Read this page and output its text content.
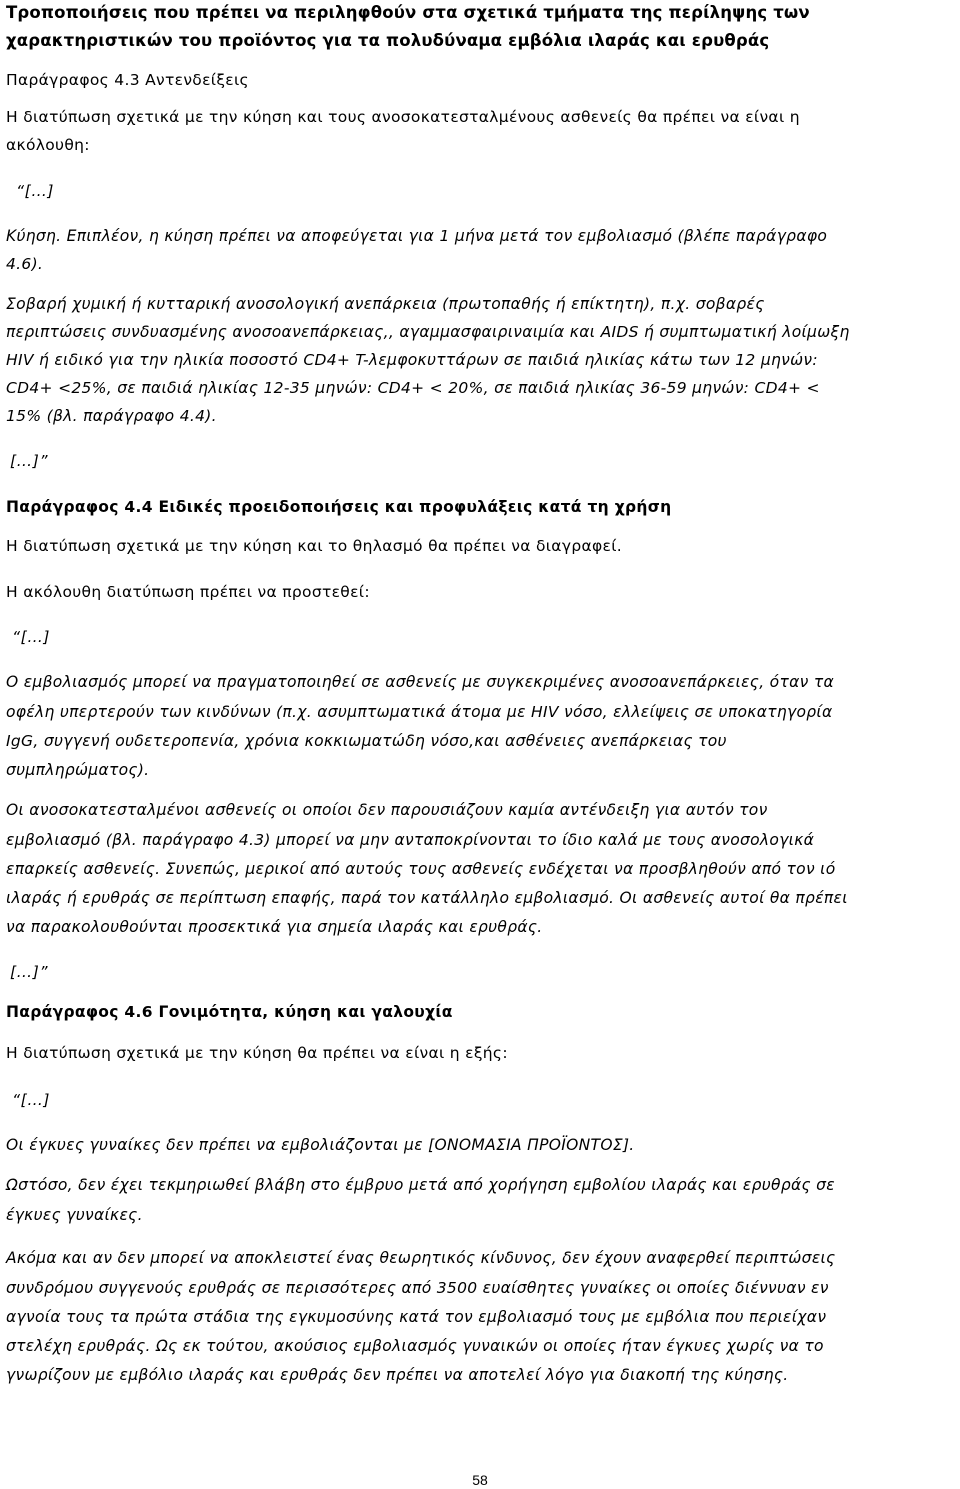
Τροποποιήσεις που πρέπει να περιληφθούν στα σχετικά τμήματα της περίληψης των
χαρακτηριστικών του προϊόντος για τα πολυδύναμα εμβόλια ιλαράς και ερυθράς
Παράγραφος 4.3 Αντενδείξεις
Η διατύπωση σχετικά με την κύηση και τους ανοσοκατεσταλμένους ασθενείς θα πρέπει να είναι η
ακόλουθη:
“[…]
Κύηση. Επιπλέον, η κύηση πρέπει να αποφεύγεται για 1 μήνα μετά τον εμβολιασμό (βλέπε παράγραφο
4.6).
Σοβαρή χυμική ή κυτταρική ανοσολογική ανεπάρκεια (πρωτοπαθής ή επίκτητη), π.χ. σοβαρές
περιπτώσεις συνδυασμένης ανοσοανεπάρκειας,, αγαμμασφαιριναιμία και AIDS ή συμπτωματική λοίμωξη
HIV ή ειδικό για την ηλικία ποσοστό CD4+ T-λεμφοκυττάρων σε παιδιά ηλικίας κάτω των 12 μηνών:
CD4+ <25%, σε παιδιά ηλικίας 12-35 μηνών: CD4+ < 20%, σε παιδιά ηλικίας 36-59 μηνών: CD4+ <
15% (βλ. παράγραφο 4.4).
[…]”
Παράγραφος 4.4 Ειδικές προειδοποιήσεις και προφυλάξεις κατά τη χρήση
Η διατύπωση σχετικά με την κύηση και το θηλασμό θα πρέπει να διαγραφεί.
Η ακόλουθη διατύπωση πρέπει να προστεθεί:
“[…]
Ο εμβολιασμός μπορεί να πραγματοποιηθεί σε ασθενείς με συγκεκριμένες ανοσοανεπάρκειες, όταν τα
οφέλη υπερτερούν των κινδύνων (π.χ. ασυμπτωματικά άτομα με HIV νόσο, ελλείψεις σε υποκατηγορία
IgG, συγγενή ουδετεροπενία, χρόνια κοκκιωματώδη νόσο,και ασθένειες ανεπάρκειας του
συμπληρώματος).
Οι ανοσοκατεσταλμένοι ασθενείς οι οποίοι δεν παρουσιάζουν καμία αντένδειξη για αυτόν τον
εμβολιασμό (βλ. παράγραφο 4.3) μπορεί να μην ανταποκρίνονται το ίδιο καλά με τους ανοσολογικά
επαρκείς ασθενείς. Συνεπώς, μερικοί από αυτούς τους ασθενείς ενδέχεται να προσβληθούν από τον ιό
ιλαράς ή ερυθράς σε περίπτωση επαφής, παρά τον κατάλληλο εμβολιασμό. Οι ασθενείς αυτοί θα πρέπει
να παρακολουθούνται προσεκτικά για σημεία ιλαράς και ερυθράς.
[…]”
Παράγραφος 4.6 Γονιμότητα, κύηση και γαλουχία
Η διατύπωση σχετικά με την κύηση θα πρέπει να είναι η εξής:
“[…]
Οι έγκυες γυναίκες δεν πρέπει να εμβολιάζονται με [ΟΝΟΜΑΣΙΑ ΠΡΟΪΟΝΤΟΣ].
Ωστόσο, δεν έχει τεκμηριωθεί βλάβη στο έμβρυο μετά από χορήγηση εμβολίου ιλαράς και ερυθράς σε
έγκυες γυναίκες.
Ακόμα και αν δεν μπορεί να αποκλειστεί ένας θεωρητικός κίνδυνος, δεν έχουν αναφερθεί περιπτώσεις
συνδρόμου συγγενούς ερυθράς σε περισσότερες από 3500 ευαίσθητες γυναίκες οι οποίες διέννυαν εν
αγνοία τους τα πρώτα στάδια της εγκυμοσύνης κατά τον εμβολιασμό τους με εμβόλια που περιείχαν
στελέχη ερυθράς. Ως εκ τούτου, ακούσιος εμβολιασμός γυναικών οι οποίες ήταν έγκυες χωρίς να το
γνωρίζουν με εμβόλιο ιλαράς και ερυθράς δεν πρέπει να αποτελεί λόγο για διακοπή της κύησης.
58
